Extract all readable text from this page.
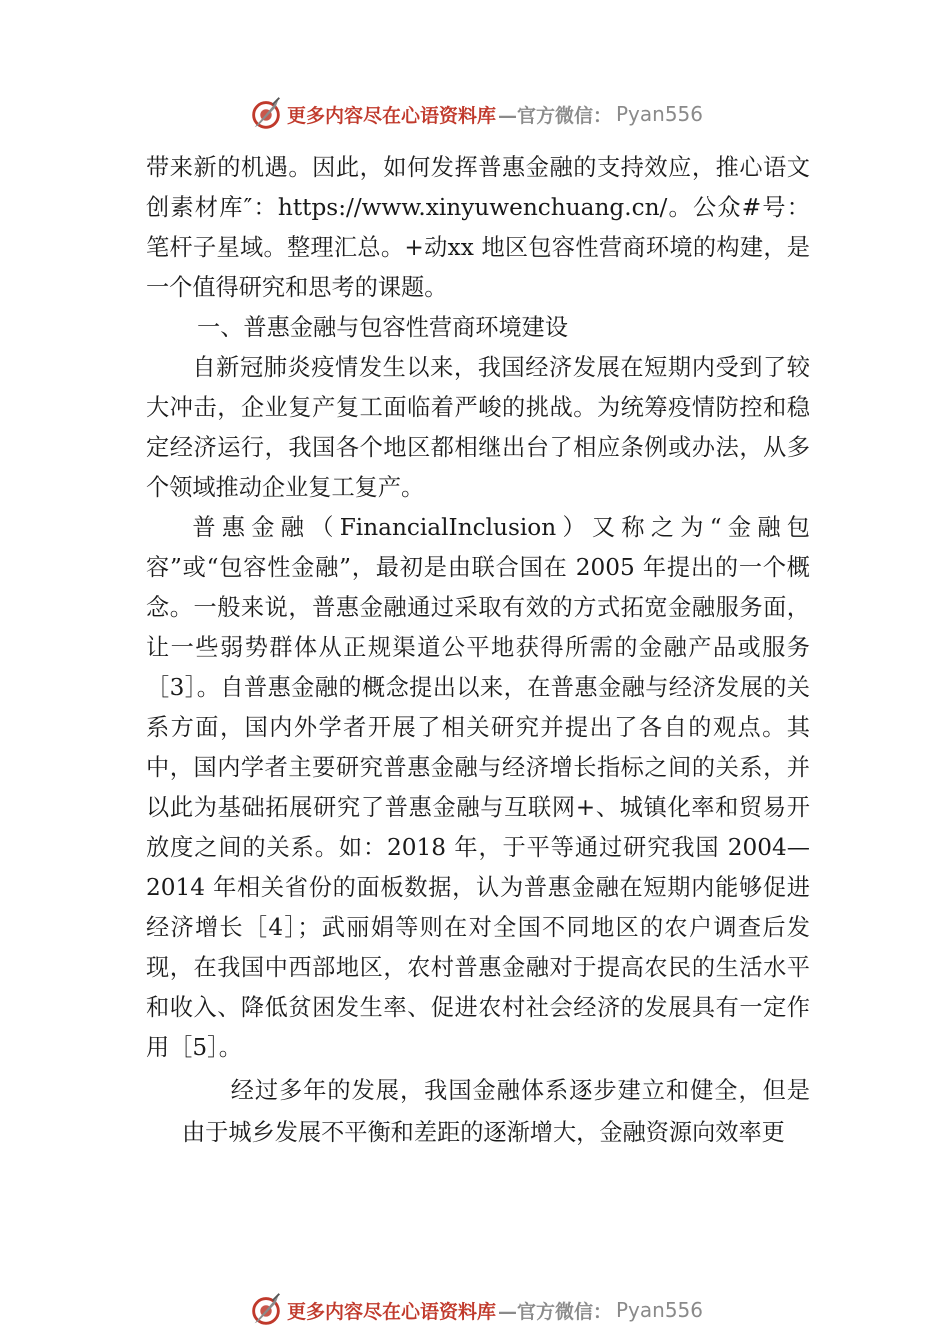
更多内容尽在心语资料库 —官方微信： Pyan556

带来新的机遇。因此，如何发挥普惠金融的支持效应，推心语文创素材库″：https://www.xinyuwenchuang.cn/。公众#号：笔杆子星域。整理汇总。+动xx 地区包容性营商环境的构建，是一个值得研究和思考的课题。

一、普惠金融与包容性营商环境建设

自新冠肺炎疫情发生以来，我国经济发展在短期内受到了较大冲击，企业复产复工面临着严峻的挑战。为统筹疫情防控和稳定经济运行，我国各个地区都相继出台了相应条例或办法，从多个领域推动企业复工复产。

普惠金融（FinancialInclusion）又称之为“金融包容”或“包容性金融”，最初是由联合国在 2005 年提出的一个概念。一般来说，普惠金融通过采取有效的方式拓宽金融服务面， 让一些弱势群体从正规渠道公平地获得所需的金融产品或服务［3］。自普惠金融的概念提出以来，在普惠金融与经济发展的关系方面，国内外学者开展了相关研究并提出了各自的观点。其中，国内学者主要研究普惠金融与经济增长指标之间的关系，并以此为基础拓展研究了普惠金融与互联网+、城镇化率和贸易开放度之间的关系。如：2018 年，于平等通过研究我国 2004—2014 年相关省份的面板数据，认为普惠金融在短期内能够促进经济增长［4］；武丽娟等则在对全国不同地区的农户调查后发现，在我国中西部地区，农村普惠金融对于提高农民的生活水平和收入、降低贫困发生率、促进农村社会经济的发展具有一定作用［5］。

经过多年的发展，我国金融体系逐步建立和健全，但是由于城乡发展不平衡和差距的逐渐增大，金融资源向效率更

更多内容尽在心语资料库 —官方微信： Pyan556
